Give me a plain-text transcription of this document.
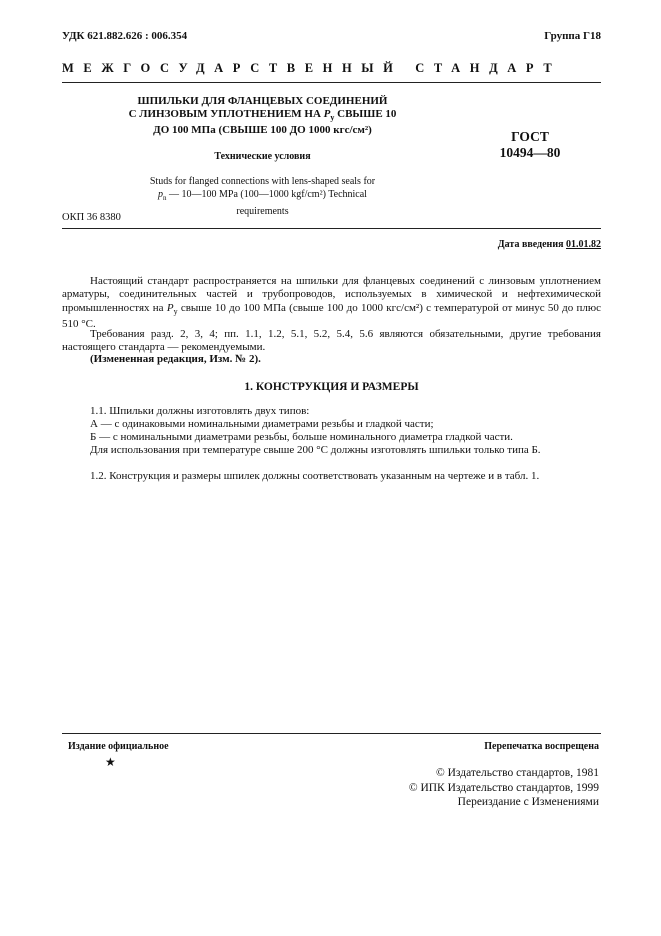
УДК 621.882.626 : 006.354	Группа Г18
МЕЖГОСУДАРСТВЕННЫЙ СТАНДАРТ
ШПИЛЬКИ ДЛЯ ФЛАНЦЕВЫХ СОЕДИНЕНИЙ
С ЛИНЗОВЫМ УПЛОТНЕНИЕМ НА $P_y$ СВЫШЕ 10
ДО 100 МПа (СВЫШЕ 100 ДО 1000 кгс/см²)
Технические условия
Studs for flanged connections with lens-shaped seals for
$p_n$ — 10—100 MPa (100—1000 kgf/cm²) Technical
requirements
ГОСТ
10494—80
ОКП 36 8380
Дата введения 01.01.82
Настоящий стандарт распространяется на шпильки для фланцевых соединений с линзовым уплотнением арматуры, соединительных частей и трубопроводов, используемых в химической и нефтехимической промышленностях на $P_y$ свыше 10 до 100 МПа (свыше 100 до 1000 кгс/см²) с температурой от минус 50 до плюс 510 °С.
Требования разд. 2, 3, 4; пп. 1.1, 1.2, 5.1, 5.2, 5.4, 5.6 являются обязательными, другие требования настоящего стандарта — рекомендуемыми.
(Измененная редакция, Изм. № 2).
1. КОНСТРУКЦИЯ И РАЗМЕРЫ
1.1. Шпильки должны изготовлять двух типов:
А — с одинаковыми номинальными диаметрами резьбы и гладкой части;
Б — с номинальными диаметрами резьбы, больше номинального диаметра гладкой части.
Для использования при температуре свыше 200 °С должны изготовлять шпильки только типа Б.
1.2. Конструкция и размеры шпилек должны соответствовать указанным на чертеже и в табл. 1.
Издание официальное	Перепечатка воспрещена
★
© Издательство стандартов, 1981
© ИПК Издательство стандартов, 1999
Переиздание с Изменениями
